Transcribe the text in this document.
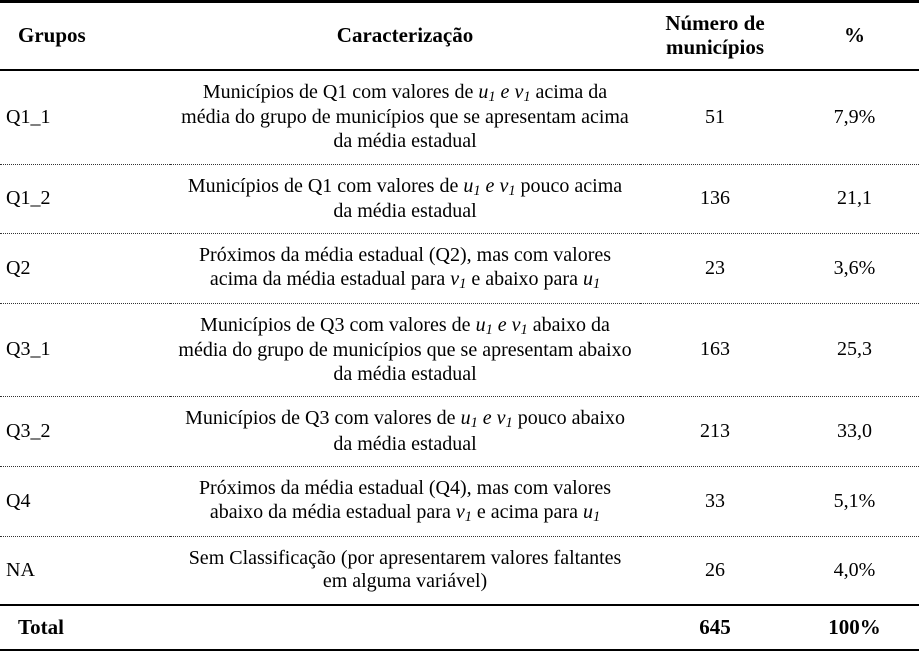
Grupos	Caracterização	Número de municípios	%
Q1_1	Municípios de Q1 com valores de $u_1$ e $v_1$ acima da média do grupo de municípios que se apresentam acima da média estadual	51	7,9%
Q1_2	Municípios de Q1 com valores de $u_1$ e $v_1$ pouco acima da média estadual	136	21,1
Q2	Próximos da média estadual (Q2), mas com valores acima da média estadual para $v_1$ e abaixo para $u_1$	23	3,6%
Q3_1	Municípios de Q3 com valores de $u_1$ e $v_1$ abaixo da média do grupo de municípios que se apresentam abaixo da média estadual	163	25,3
Q3_2	Municípios de Q3 com valores de $u_1$ e $v_1$ pouco abaixo da média estadual	213	33,0
Q4	Próximos da média estadual (Q4), mas com valores abaixo da média estadual para $v_1$ e acima para $u_1$	33	5,1%
NA	Sem Classificação (por apresentarem valores faltantes em alguma variável)	26	4,0%
Total		645	100%
